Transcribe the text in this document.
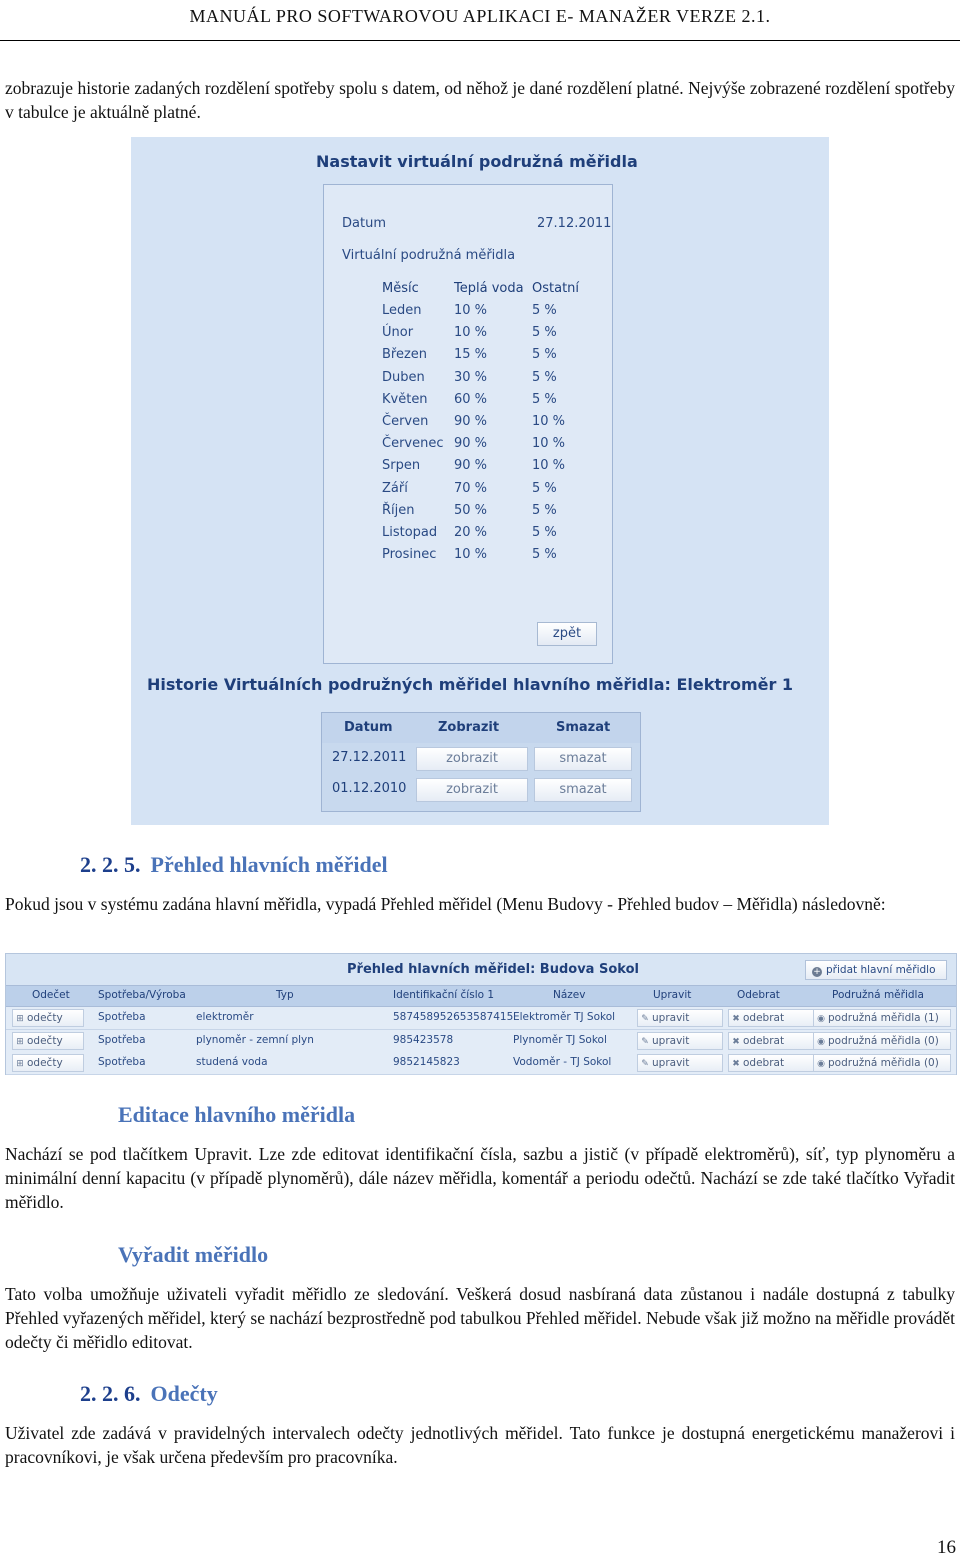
MANUÁL PRO SOFTWAROVOU APLIKACI E- MANAŽER VERZE 2.1.
zobrazuje historie zadaných rozdělení spotřeby spolu s datem, od něhož je dané rozdělení platné. Nejvýše zobrazené rozdělení spotřeby v tabulce je aktuálně platné.
Nastavit virtuální podružná měřidla
Datum	27.12.2011
Virtuální podružná měřidla
Měsíc	Teplá voda Ostatní
Leden 10 %	5 %
Únor	10 %	5 %
Březen 15 %	5 %
Duben 30 %	5 %
Květen 60 %	5 %
Červen 90 %	10 %
Červenec 90 %	10 %
Srpen	90 %	10 %
Září	70 %	5 %
Říjen	50 %	5 %
Listopad 20 %	5 %
Prosinec 10 %	5 %
zpět
Historie Virtuálních podružných měřidel hlavního měřidla: Elektroměr 1
Datum	Zobrazit	Smazat
27.12.2011	zobrazit	smazat
01.12.2010	zobrazit	smazat
2. 2. 5. Přehled hlavních měřidel
Pokud jsou v systému zadána hlavní měřidla, vypadá Přehled měřidel (Menu Budovy - Přehled budov – Měřidla) následovně:
Přehled hlavních měřidel: Budova Sokol	+ přidat hlavní měřidlo
Odečet	Spotřeba/Výroba	Typ	Identifikační číslo 1	Název	Upravit	Odebrat	Podružná měřidla
⊞ odečty	Spotřeba	elektroměr	587458952653587415 Elektroměr TJ Sokol	✎ upravit	✖ odebrat	◉ podružná měřidla (1)
⊞ odečty	Spotřeba	plynoměr - zemní plyn	985423578	Plynoměr TJ Sokol	✎ upravit	✖ odebrat	◉ podružná měřidla (0)
⊞ odečty	Spotřeba	studená voda	9852145823	Vodoměr - TJ Sokol	✎ upravit	✖ odebrat	◉ podružná měřidla (0)
Editace hlavního měřidla
Nachází se pod tlačítkem Upravit. Lze zde editovat identifikační čísla, sazbu a jistič (v případě elektroměrů), síť, typ plynoměru a minimální denní kapacitu (v případě plynoměrů), dále název měřidla, komentář a periodu odečtů. Nachází se zde také tlačítko Vyřadit měřidlo.
Vyřadit měřidlo
Tato volba umožňuje uživateli vyřadit měřidlo ze sledování. Veškerá dosud nasbíraná data zůstanou i nadále dostupná z tabulky Přehled vyřazených měřidel, který se nachází bezprostředně pod tabulkou Přehled měřidel. Nebude však již možno na měřidle provádět odečty či měřidlo editovat.
2. 2. 6. Odečty
Uživatel zde zadává v pravidelných intervalech odečty jednotlivých měřidel. Tato funkce je dostupná energetickému manažerovi i pracovníkovi, je však určena především pro pracovníka.
16
